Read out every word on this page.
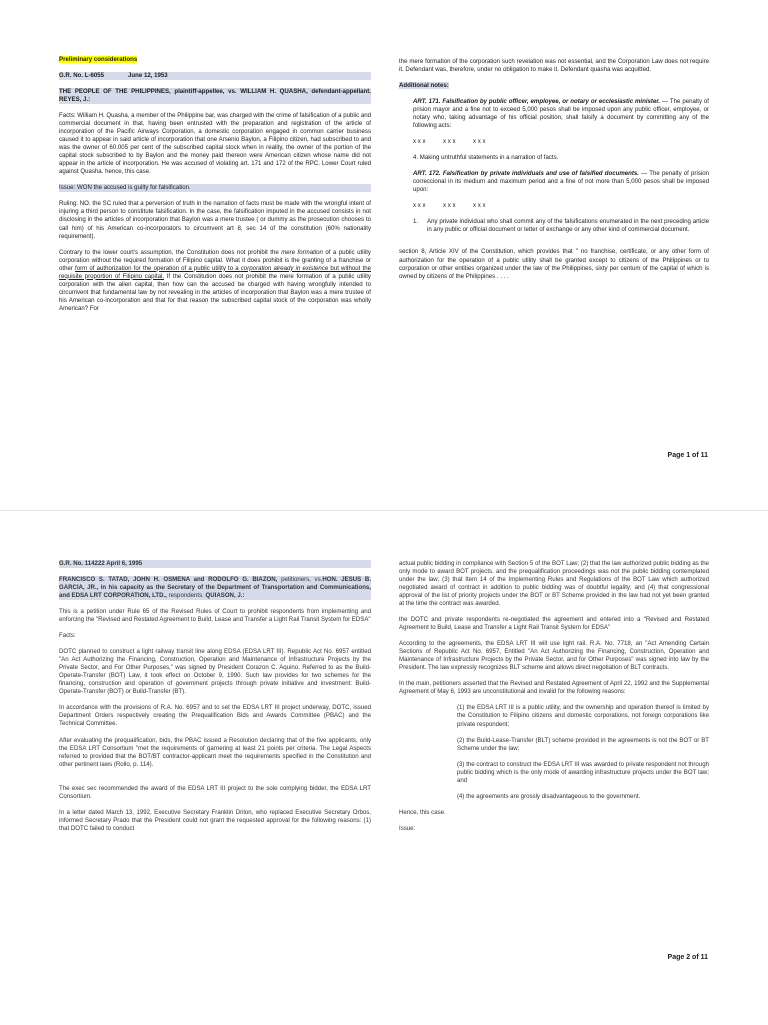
Preliminary considerations

G.R. No. L-6055	June 12, 1953

THE PEOPLE OF THE PHILIPPINES, plaintiff-appellee, vs. WILLIAM H. QUASHA, defendant-appellant. REYES, J.:

Facts: William H. Quasha, a member of the Philippine bar, was charged with the crime of falsification of a public and commercial document in that, having been entrusted with the preparation and registration of the article of incorporation of the Pacific Airways Corporation, a domestic corporation engaged in common carrier business caused it to appear in said article of incorporation that one Arsenio Baylon, a Filipino citizen, had subscribed to and was the owner of 60.005 per cent of the subscribed capital stock when in reality, the owner of the portion of the capital stock subscribed to by Baylon and the money paid thereon were American citizen whose name did not appear in the article of incorporation. He was accused of violating art. 171 and 172 of the RPC. Lower Court ruled against Quasha. hence, this case.

Issue: WON the accused is guilty for falsification.

Ruling: NO. the SC ruled that a perversion of truth in the narration of facts must be made with the wrongful intent of injuring a third person to constitute falsification. In the case, the falsification imputed in the accused consists in not disclosing in the articles of incorporation that Baylon was a mere trustee ( or dummy as the prosecution chooses to call him) of his American co-incorporators to circumvent art 8, sec 14 of the constitution (60% nationality requirement).

Contrary to the lower court's assumption, the Constitution does not prohibit the mere formation of a public utility corporation without the required formation of Filipino capital. What it does prohibit is the granting of a franchise or other form of authorization for the operation of a public utility to a corporation already in existence but without the requisite proportion of Filipino capital. If the Constitution does not prohibit the mere formation of a public utility corporation with the alien capital, then how can the accused be charged with having wrongfully intended to circumvent that fundamental law by not revealing in the articles of incorporation that Baylon was a mere trustee of his American co-incorporation and that for that reason the subscribed capital stock of the corporation was wholly American? For

the mere formation of the corporation such revelation was not essential, and the Corporation Law does not require it. Defendant was, therefore, under no obligation to make it. Defendant quasha was acquitted.

Additional notes:

ART. 171. Falsification by public officer, employee, or notary or ecclesiastic minister. — The penalty of prision mayor and a fine not to exceed 5,000 pesos shall be imposed upon any public officer, employee, or notary who, taking advantage of his official position, shall falsify a document by committing any of the following acts:

x x x	x x x	x x x

4. Making untruthful statements in a narration of facts.

ART. 172. Falsification by private individuals and use of falsified documents. — The penalty of prision correccional in its medium and maximum period and a fine of not more than 5,000 pesos shall be imposed upon:

x x x	x x x	x x x

1.	Any private individual who shall commit any of the falsifications enumerated in the next preceding article in any public or official document or letter of exchange or any other kind of commercial document.

section 8, Article XIV of the Constitution, which provides that " no franchise, certificate, or any other form of authorization for the operation of a public utility shall be granted except to citizens of the Philippines or to corporation or other entities organized under the law of the Philippines, sixty per centum of the capital of which is owned by citizens of the Philippines . . . .

Page 1 of 11

G.R. No. 114222 April 6, 1995

FRANCISCO S. TATAD, JOHN H. OSMENA and RODOLFO G. BIAZON, petitioners, vs.HON. JESUS B. GARCIA, JR., in his capacity as the Secretary of the Department of Transportation and Communications, and EDSA LRT CORPORATION, LTD., respondents. QUIASON, J.:

This is a petition under Rule 65 of the Revised Rules of Court to prohibit respondents from implementing and enforcing the "Revised and Restated Agreement to Build, Lease and Transfer a Light Rail Transit System for EDSA"

Facts:

DOTC planned to construct a light railway transit line along EDSA (EDSA LRT III). Republic Act No. 6957 entitled "An Act Authorizing the Financing, Construction, Operation and Maintenance of Infrastructure Projects by the Private Sector, and For Other Purposes," was signed by President Corazon C. Aquino. Referred to as the Build-Operate-Transfer (BOT) Law, it took effect on October 9, 1990. Such law provides for two schemes for the financing, construction and operation of government projects through private initiative and investment: Build-Operate-Transfer (BOT) or Build-Transfer (BT).

In accordance with the provisions of R.A. No. 6957 and to set the EDSA LRT III project underway, DOTC, issued Department Orders respectively creating the Prequalification Bids and Awards Committee (PBAC) and the Technical Committee.

After evaluating the prequalification, bids, the PBAC issued a Resolution declaring that of the five applicants, only the EDSA LRT Consortium "met the requirements of garnering at least 21 points per criteria. The Legal Aspects referred to provided that the BOT/BT contractor-applicant meet the requirements specified in the Constitution and other pertinent laws (Rollo, p. 114).

The exec sec recommended the award of the EDSA LRT III project to the sole complying bidder, the EDSA LRT Consortium.

In a letter dated March 13, 1992, Executive Secretary Franklin Drilon, who replaced Executive Secretary Orbos, informed Secretary Prado that the President could not grant the requested approval for the following reasons: (1) that DOTC failed to conduct

actual public bidding in compliance with Section 5 of the BOT Law; (2) that the law authorized public bidding as the only mode to award BOT projects, and the prequalification proceedings was not the public bidding contemplated under the law; (3) that Item 14 of the Implementing Rules and Regulations of the BOT Law which authorized negotiated award of contract in addition to public bidding was of doubtful legality; and (4) that congressional approval of the list of priority projects under the BOT or BT Scheme provided in the law had not yet been granted at the time the contract was awarded.

the DOTC and private respondents re-negotiated the agreement and entered into a "Revised and Restated Agreement to Build, Lease and Transfer a Light Rail Transit System for EDSA"

According to the agreements, the EDSA LRT III will use light rail. R.A. No. 7718, an "Act Amending Certain Sections of Republic Act No. 6957, Entitled "An Act Authorizing the Financing, Construction, Operation and Maintenance of Infrastructure Projects by the Private Sector, and for Other Purposes" was signed into law by the President. The law expressly recognizes BLT scheme and allows direct negotiation of BLT contracts.

In the main, petitioners asserted that the Revised and Restated Agreement of April 22, 1992 and the Supplemental Agreement of May 6, 1993 are unconstitutional and invalid for the following reasons:

(1) the EDSA LRT III is a public utility, and the ownership and operation thereof is limited by the Constitution to Filipino citizens and domestic corporations, not foreign corporations like private respondent;

(2) the Build-Lease-Transfer (BLT) scheme provided in the agreements is not the BOT or BT Scheme under the law;

(3) the contract to construct the EDSA LRT III was awarded to private respondent not through public bidding which is the only mode of awarding infrastructure projects under the BOT law; and

(4) the agreements are grossly disadvantageous to the government.

Hence, this case.

Issue:

Page 2 of 11
